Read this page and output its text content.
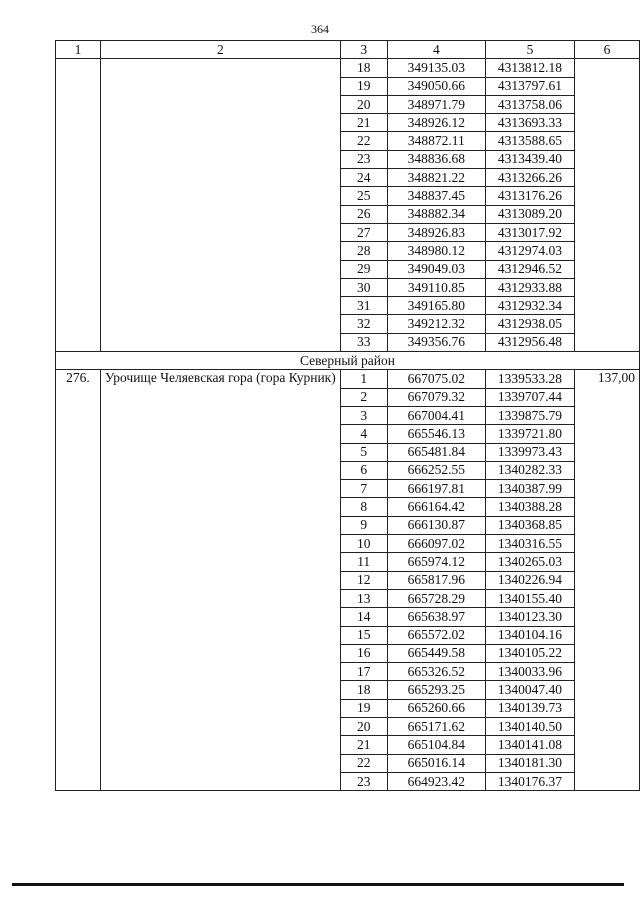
364
1	2	3	4	5	6
		18	349135.03	4313812.18	
		19	349050.66	4313797.61	
		20	348971.79	4313758.06	
		21	348926.12	4313693.33	
		22	348872.11	4313588.65	
		23	348836.68	4313439.40	
		24	348821.22	4313266.26	
		25	348837.45	4313176.26	
		26	348882.34	4313089.20	
		27	348926.83	4313017.92	
		28	348980.12	4312974.03	
		29	349049.03	4312946.52	
		30	349110.85	4312933.88	
		31	349165.80	4312932.34	
		32	349212.32	4312938.05	
		33	349356.76	4312956.48	
Северный район					
276.	Урочище Челяевская гора (гора Курник)	1	667075.02	1339533.28	137,00
		2	667079.32	1339707.44	
		3	667004.41	1339875.79	
		4	665546.13	1339721.80	
		5	665481.84	1339973.43	
		6	666252.55	1340282.33	
		7	666197.81	1340387.99	
		8	666164.42	1340388.28	
		9	666130.87	1340368.85	
		10	666097.02	1340316.55	
		11	665974.12	1340265.03	
		12	665817.96	1340226.94	
		13	665728.29	1340155.40	
		14	665638.97	1340123.30	
		15	665572.02	1340104.16	
		16	665449.58	1340105.22	
		17	665326.52	1340033.96	
		18	665293.25	1340047.40	
		19	665260.66	1340139.73	
		20	665171.62	1340140.50	
		21	665104.84	1340141.08	
		22	665016.14	1340181.30	
		23	664923.42	1340176.37	
